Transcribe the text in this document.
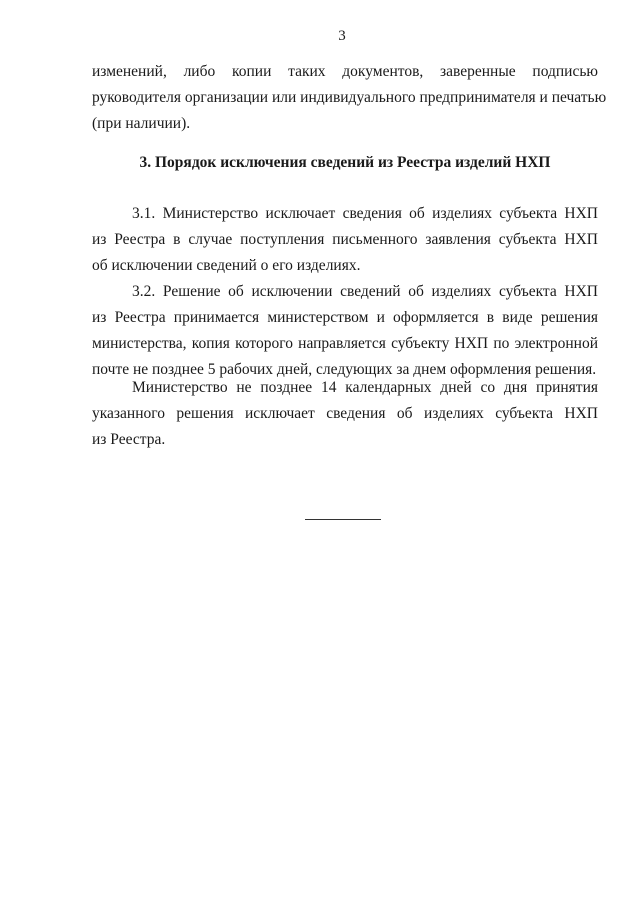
3
изменений, либо копии таких документов, заверенные подписью
руководителя организации или индивидуального предпринимателя и печатью
(при наличии).
3. Порядок исключения сведений из Реестра изделий НХП
3.1. Министерство исключает сведения об изделиях субъекта НХП
из Реестра в случае поступления письменного заявления субъекта НХП
об исключении сведений о его изделиях.
3.2. Решение об исключении сведений об изделиях субъекта НХП
из Реестра принимается министерством и оформляется в виде решения
министерства, копия которого направляется субъекту НХП по электронной
почте не позднее 5 рабочих дней, следующих за днем оформления решения.
Министерство не позднее 14 календарных дней со дня принятия
указанного решения исключает сведения об изделиях субъекта НХП
из Реестра.
